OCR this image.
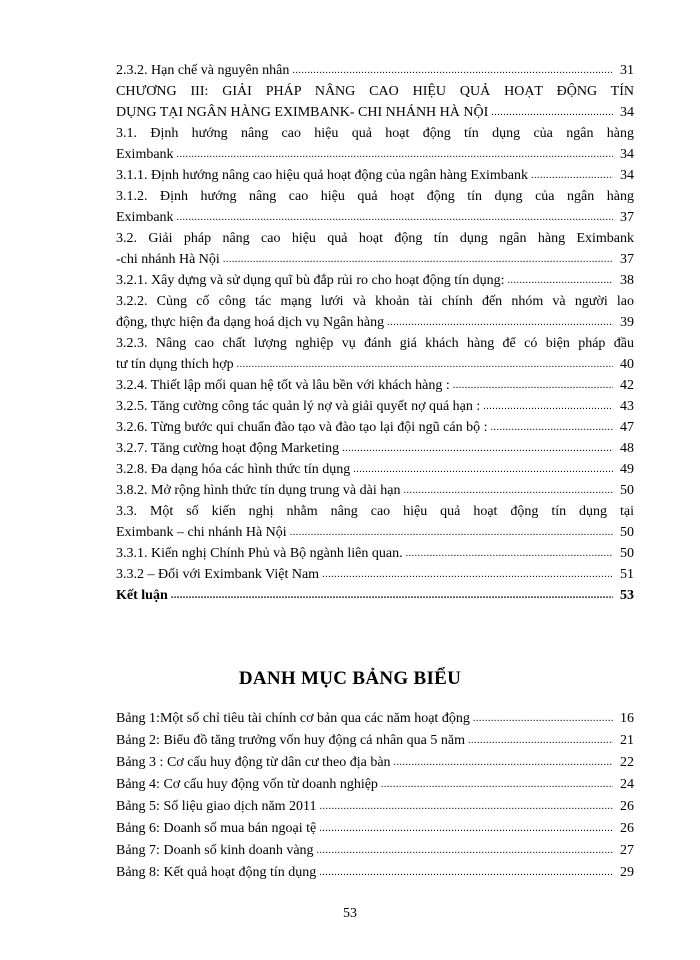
2.3.2. Hạn chế và nguyên nhân .....	31
CHƯƠNG III: GIẢI PHÁP NÂNG CAO HIỆU QUẢ HOẠT ĐỘNG TÍN
DỤNG TẠI NGÂN HÀNG EXIMBANK- CHI NHÁNH HÀ NỘI .....	34
3.1. Định hướng nâng cao hiệu quả hoạt động tín dụng của ngân hàng
Eximbank .....	34
3.1.1. Định hướng nâng cao hiệu quả hoạt động của ngân hàng Eximbank .....	34
3.1.2. Định hướng nâng cao hiệu quả hoạt động tín dụng của ngân hàng
Eximbank .....	37
3.2. Giải pháp nâng cao hiệu quả hoạt động tín dụng ngân hàng Eximbank
-chi nhánh Hà Nội .....	37
3.2.1. Xây dựng và sử dụng quĩ bù đắp rủi ro cho hoạt động tín dụng: .....	38
3.2.2. Củng cố công tác mạng lưới và khoản tài chính đến nhóm và người lao
động, thực hiện đa dạng hoá dịch vụ Ngân hàng .....	39
3.2.3. Nâng cao chất lượng nghiệp vụ đánh giá khách hàng để có biện pháp đầu
tư tín dụng thích hợp .....	40
3.2.4. Thiết lập mối quan hệ tốt và lâu bền với khách hàng : .....	42
3.2.5. Tăng cường công tác quản lý nợ và giải quyết nợ quá hạn : .....	43
3.2.6. Từng bước qui chuẩn đào tạo và đào tạo lại đội ngũ cán bộ : .....	47
3.2.7. Tăng cường hoạt động Marketing .....	48
3.2.8. Đa dạng hóa các hình thức tín dụng .....	49
3.8.2. Mở rộng hình thức tín dụng trung và dài hạn .....	50
3.3. Một số kiến nghị nhằm nâng cao hiệu quả hoạt động tín dụng tại
Eximbank – chi nhánh Hà Nội .....	50
3.3.1. Kiến nghị Chính Phủ và Bộ ngành liên quan. .....	50
3.3.2 – Đối với Eximbank Việt Nam .....	51
Kết luận .....	53
DANH MỤC BẢNG BIỂU
Bảng 1:Một số chỉ tiêu tài chính cơ bản qua các năm hoạt động .....	16
Bảng 2: Biểu đồ tăng trưởng vốn huy động cá nhân qua 5 năm .....	21
Bảng 3 : Cơ cấu huy động từ dân cư theo địa bàn .....	22
Bảng 4: Cơ cấu huy động vốn từ doanh nghiệp .....	24
Bảng 5: Số liệu giao dịch năm 2011 .....	26
Bảng 6: Doanh số mua bán ngoại tệ .....	26
Bảng 7: Doanh số kinh doanh vàng .....	27
Bảng 8: Kết quả hoạt động tín dụng .....	29
53
